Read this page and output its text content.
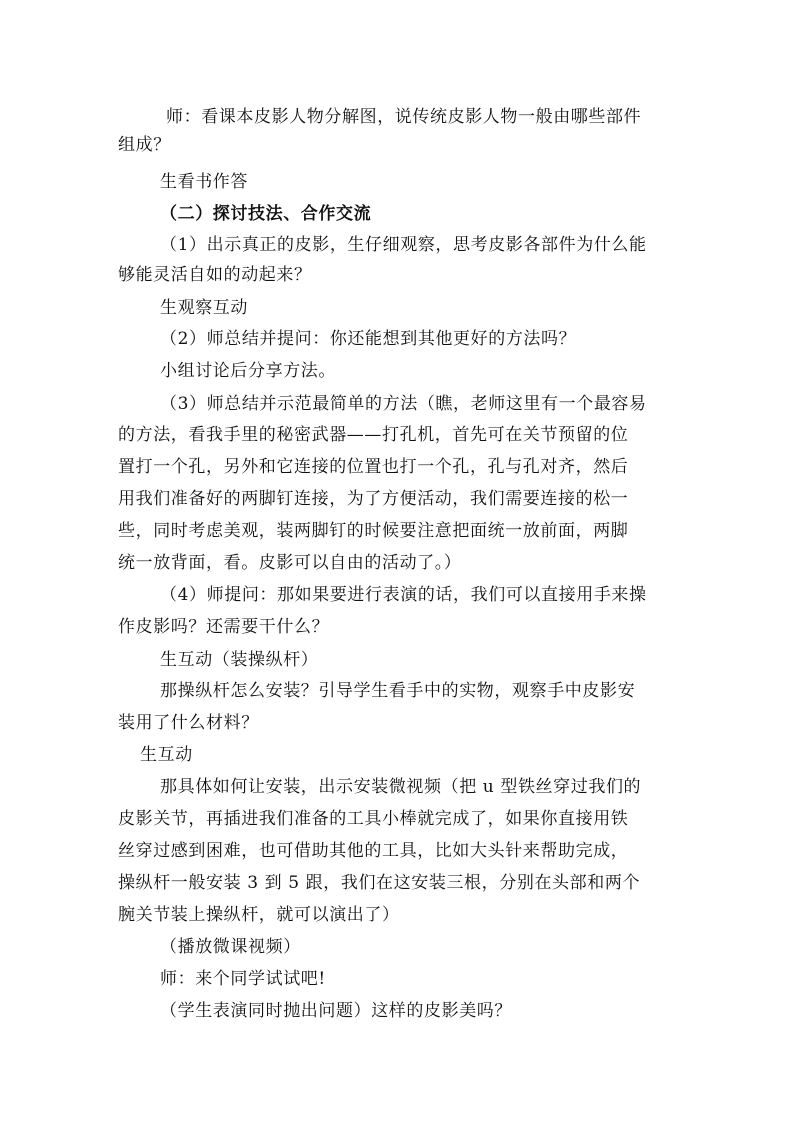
师：看课本皮影人物分解图，说传统皮影人物一般由哪些部件
组成？
生看书作答
（二）探讨技法、合作交流
（1）出示真正的皮影，生仔细观察，思考皮影各部件为什么能
够能灵活自如的动起来？
生观察互动
（2）师总结并提问：你还能想到其他更好的方法吗？
小组讨论后分享方法。
（3）师总结并示范最简单的方法（瞧，老师这里有一个最容易
的方法，看我手里的秘密武器——打孔机，首先可在关节预留的位
置打一个孔，另外和它连接的位置也打一个孔，孔与孔对齐，然后
用我们准备好的两脚钉连接，为了方便活动，我们需要连接的松一
些，同时考虑美观，装两脚钉的时候要注意把面统一放前面，两脚
统一放背面，看。皮影可以自由的活动了。）
（4）师提问：那如果要进行表演的话，我们可以直接用手来操
作皮影吗？还需要干什么？
生互动（装操纵杆）
那操纵杆怎么安装？引导学生看手中的实物，观察手中皮影安
装用了什么材料？
生互动
那具体如何让安装，出示安装微视频（把 u 型铁丝穿过我们的
皮影关节，再插进我们准备的工具小棒就完成了，如果你直接用铁
丝穿过感到困难，也可借助其他的工具，比如大头针来帮助完成，
操纵杆一般安装 3 到 5 跟，我们在这安装三根，分别在头部和两个
腕关节装上操纵杆，就可以演出了）
（播放微课视频）
师：来个同学试试吧!
（学生表演同时抛出问题）这样的皮影美吗？
